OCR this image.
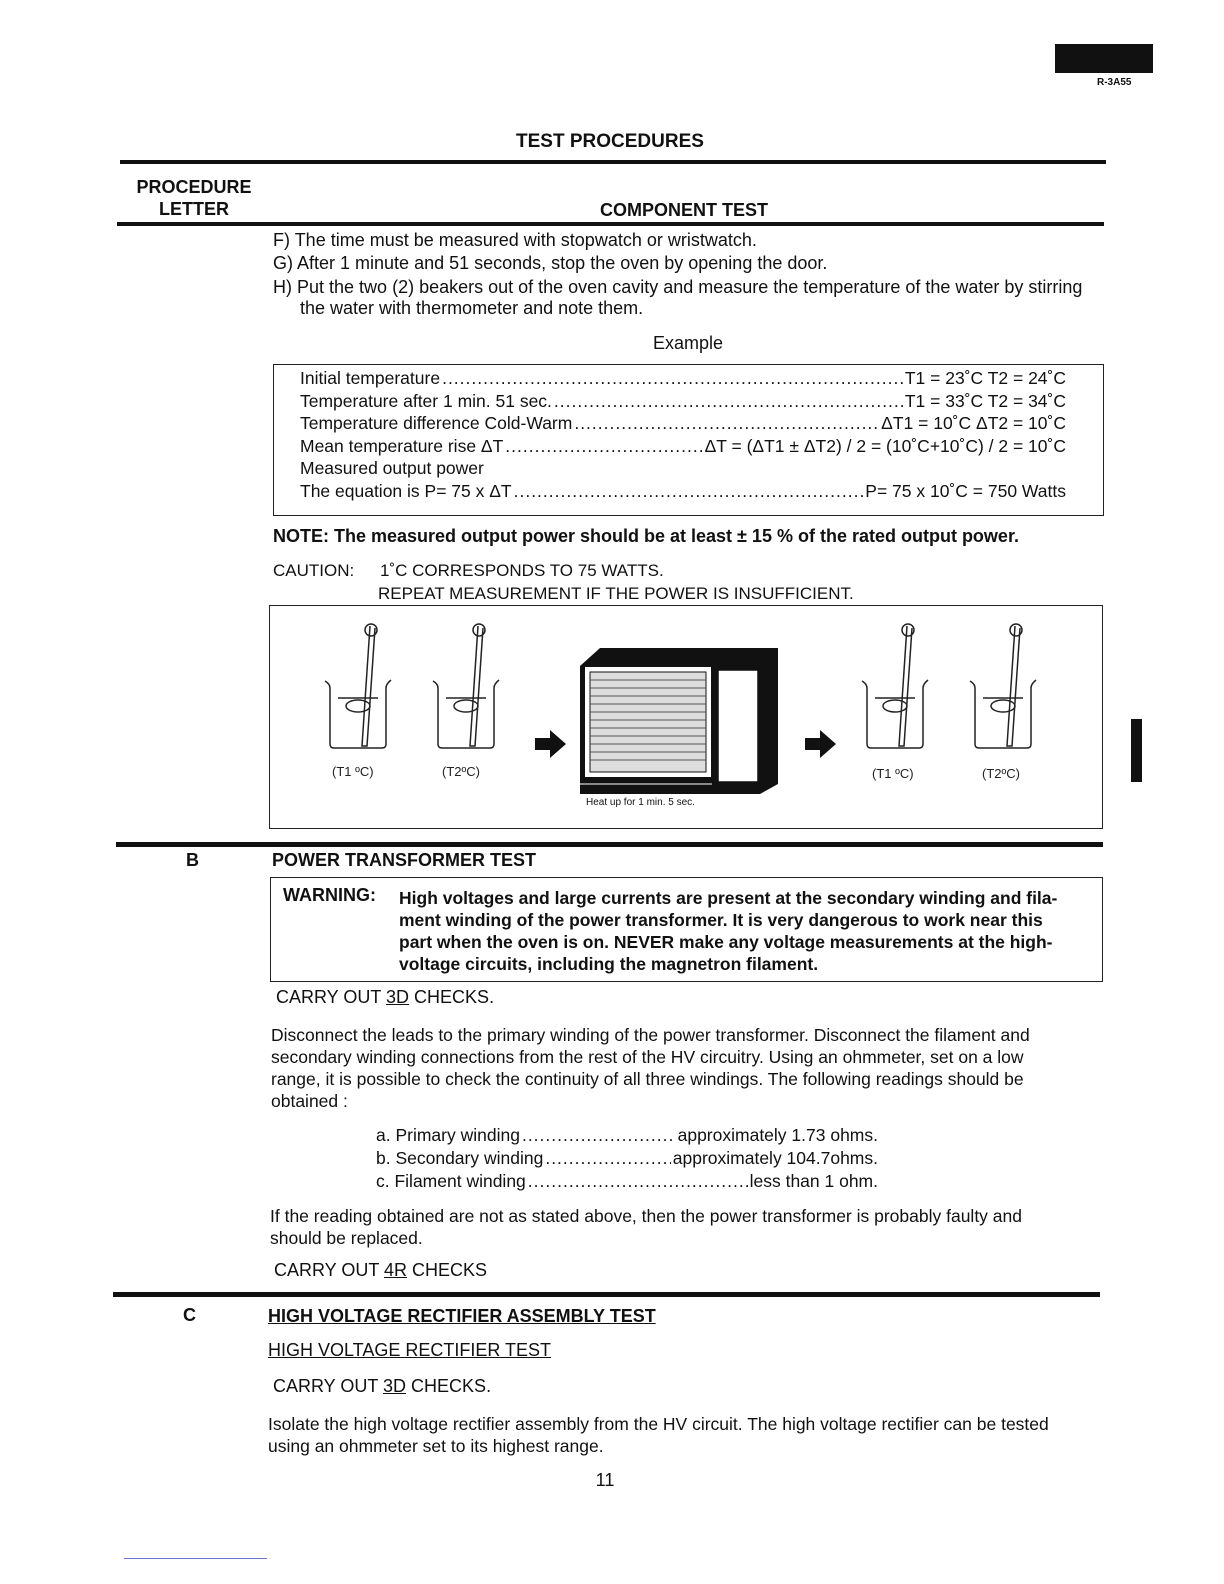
R-3A55
TEST PROCEDURES
PROCEDURE
LETTER	COMPONENT TEST
F) The time must be measured with stopwatch or wristwatch.
G) After 1 minute and 51 seconds, stop the oven by opening the door.
H) Put the two (2) beakers out of the oven cavity and measure the temperature of the water by stirring
the water with thermometer and note them.
Example
Initial temperature .....	T1 = 23˚C T2 = 24˚C
Temperature after 1 min. 51 sec. .....	T1 = 33˚C T2 = 34˚C
Temperature difference Cold-Warm .....	ΔT1 = 10˚C ΔT2 = 10˚C
Mean temperature rise ΔT .....	ΔT = (ΔT1 ± ΔT2) / 2 = (10˚C+10˚C) / 2 = 10˚C
Measured output power
The equation is P= 75 x ΔT .....	P= 75 x 10˚C = 750 Watts
NOTE: The measured output power should be at least ± 15 % of the rated output power.
CAUTION: 1˚C CORRESPONDS TO 75 WATTS.
REPEAT MEASUREMENT IF THE POWER IS INSUFFICIENT.
(T1 ºC)	(T2ºC)	(T1 ºC)	(T2ºC)
Heat up for 1 min. 5 sec.
B	POWER TRANSFORMER TEST
WARNING: High voltages and large currents are present at the secondary winding and fila-
ment winding of the power transformer. It is very dangerous to work near this
part when the oven is on. NEVER make any voltage measurements at the high-
voltage circuits, including the magnetron filament.
CARRY OUT 3D CHECKS.
Disconnect the leads to the primary winding of the power transformer. Disconnect the filament and
secondary winding connections from the rest of the HV circuitry. Using an ohmmeter, set on a low
range, it is possible to check the continuity of all three windings. The following readings should be
obtained :
a. Primary winding .....	approximately 1.73 ohms.
b. Secondary winding .....	approximately 104.7ohms.
c. Filament winding .....	less than 1 ohm.
If the reading obtained are not as stated above, then the power transformer is probably faulty and
should be replaced.
CARRY OUT 4R CHECKS
C	HIGH VOLTAGE RECTIFIER ASSEMBLY TEST
HIGH VOLTAGE RECTIFIER TEST
CARRY OUT 3D CHECKS.
Isolate the high voltage rectifier assembly from the HV circuit. The high voltage rectifier can be tested
using an ohmmeter set to its highest range.
11
